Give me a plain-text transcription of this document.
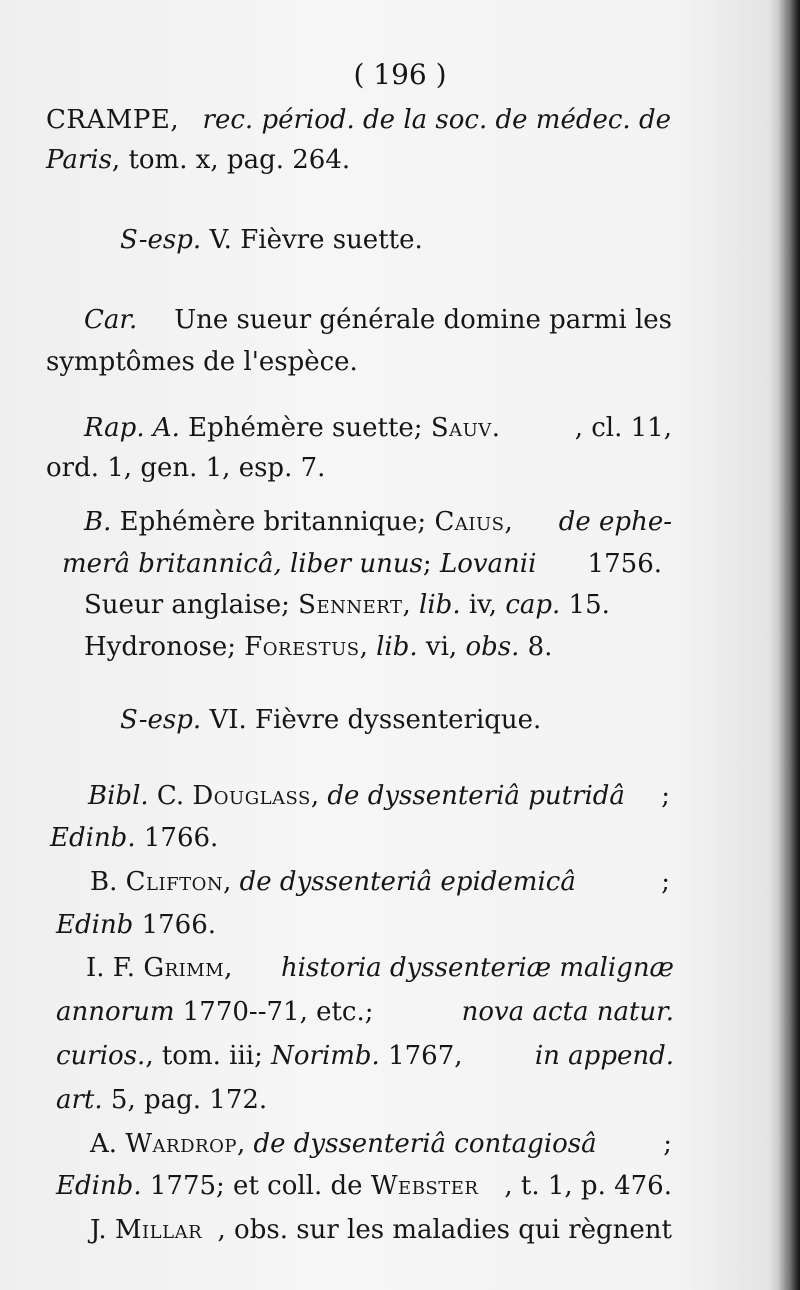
( 196 )
CRAMPE, rec. périod. de la soc. de médec. de
Paris, tom. x, pag. 264.
S-esp. V. Fièvre suette.
Car. Une sueur générale domine parmi les
symptômes de l'espèce.
Rap. A. Ephémère suette; Sauv.	, cl. 11,
ord. 1, gen. 1, esp. 7.
B. Ephémère britannique; Caius, de ephe-
merâ britannicâ, liber unus; Lovanii 1756.
Sueur anglaise; Sennert, lib. iv, cap. 15.
Hydronose; Forestus, lib. vi, obs. 8.
S-esp. VI. Fièvre dyssenterique.
Bibl. C. Douglass, de dyssenteriâ putridâ ;
Edinb. 1766.
B. Clifton, de dyssenteriâ epidemicâ	;
Edinb 1766.
I. F. Grimm, historia dyssenteriæ malignæ
annorum 1770--71, etc.;	nova acta natur.
curios., tom. iii; Norimb. 1767, in append.
art. 5, pag. 172.
A. Wardrop, de dyssenteriâ contagiosâ	;
Edinb. 1775; et coll. de Webster , t. 1, p. 476.
J. Millar , obs. sur les maladies qui règnent
